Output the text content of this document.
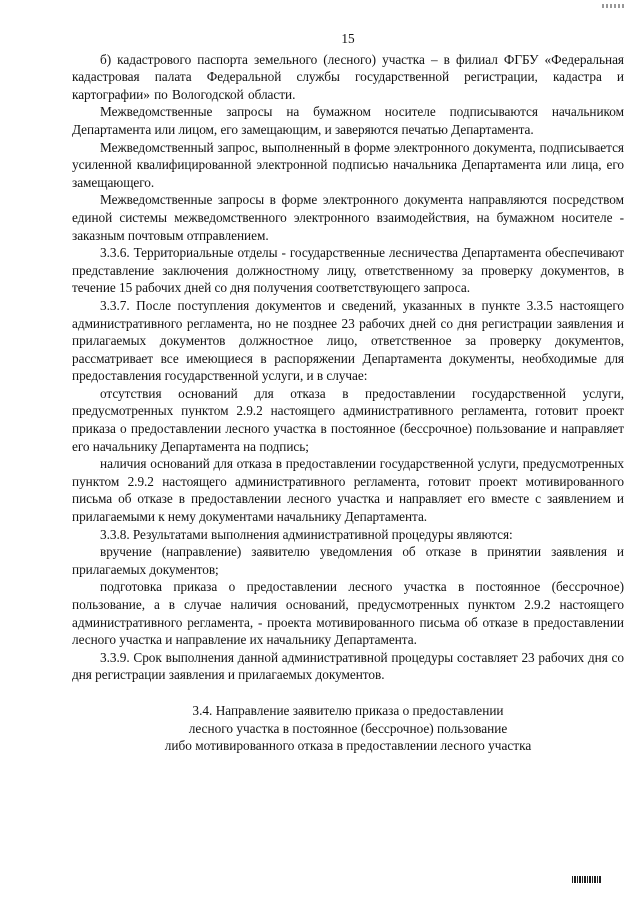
15

б) кадастрового паспорта земельного (лесного) участка – в филиал ФГБУ «Федеральная кадастровая палата Федеральной службы государственной регистрации, кадастра и картографии» по Вологодской области.

Межведомственные запросы на бумажном носителе подписываются начальником Департамента или лицом, его замещающим, и заверяются печатью Департамента.

Межведомственный запрос, выполненный в форме электронного документа, подписывается усиленной квалифицированной электронной подписью начальника Департамента или лица, его замещающего.

Межведомственные запросы в форме электронного документа направляются посредством единой системы межведомственного электронного взаимодействия, на бумажном носителе - заказным почтовым отправлением.

3.3.6. Территориальные отделы - государственные лесничества Департамента обеспечивают представление заключения должностному лицу, ответственному за проверку документов, в течение 15 рабочих дней со дня получения соответствующего запроса.

3.3.7. После поступления документов и сведений, указанных в пункте 3.3.5 настоящего административного регламента, но не позднее 23 рабочих дней со дня регистрации заявления и прилагаемых документов должностное лицо, ответственное за проверку документов, рассматривает все имеющиеся в распоряжении Департамента документы, необходимые для предоставления государственной услуги, и в случае:

отсутствия оснований для отказа в предоставлении государственной услуги, предусмотренных пунктом 2.9.2 настоящего административного регламента, готовит проект приказа о предоставлении лесного участка в постоянное (бессрочное) пользование и направляет его начальнику Департамента на подпись;

наличия оснований для отказа в предоставлении государственной услуги, предусмотренных пунктом 2.9.2 настоящего административного регламента, готовит проект мотивированного письма об отказе в предоставлении лесного участка и направляет его вместе с заявлением и прилагаемыми к нему документами начальнику Департамента.

3.3.8. Результатами выполнения административной процедуры являются:

вручение (направление) заявителю уведомления об отказе в принятии заявления и прилагаемых документов;

подготовка приказа о предоставлении лесного участка в постоянное (бессрочное) пользование, а в случае наличия оснований, предусмотренных пунктом 2.9.2 настоящего административного регламента, - проекта мотивированного письма об отказе в предоставлении лесного участка и направление их начальнику Департамента.

3.3.9. Срок выполнения данной административной процедуры составляет 23 рабочих дня со дня регистрации заявления и прилагаемых документов.

3.4. Направление заявителю приказа о предоставлении
лесного участка в постоянное (бессрочное) пользование
либо мотивированного отказа в предоставлении лесного участка
